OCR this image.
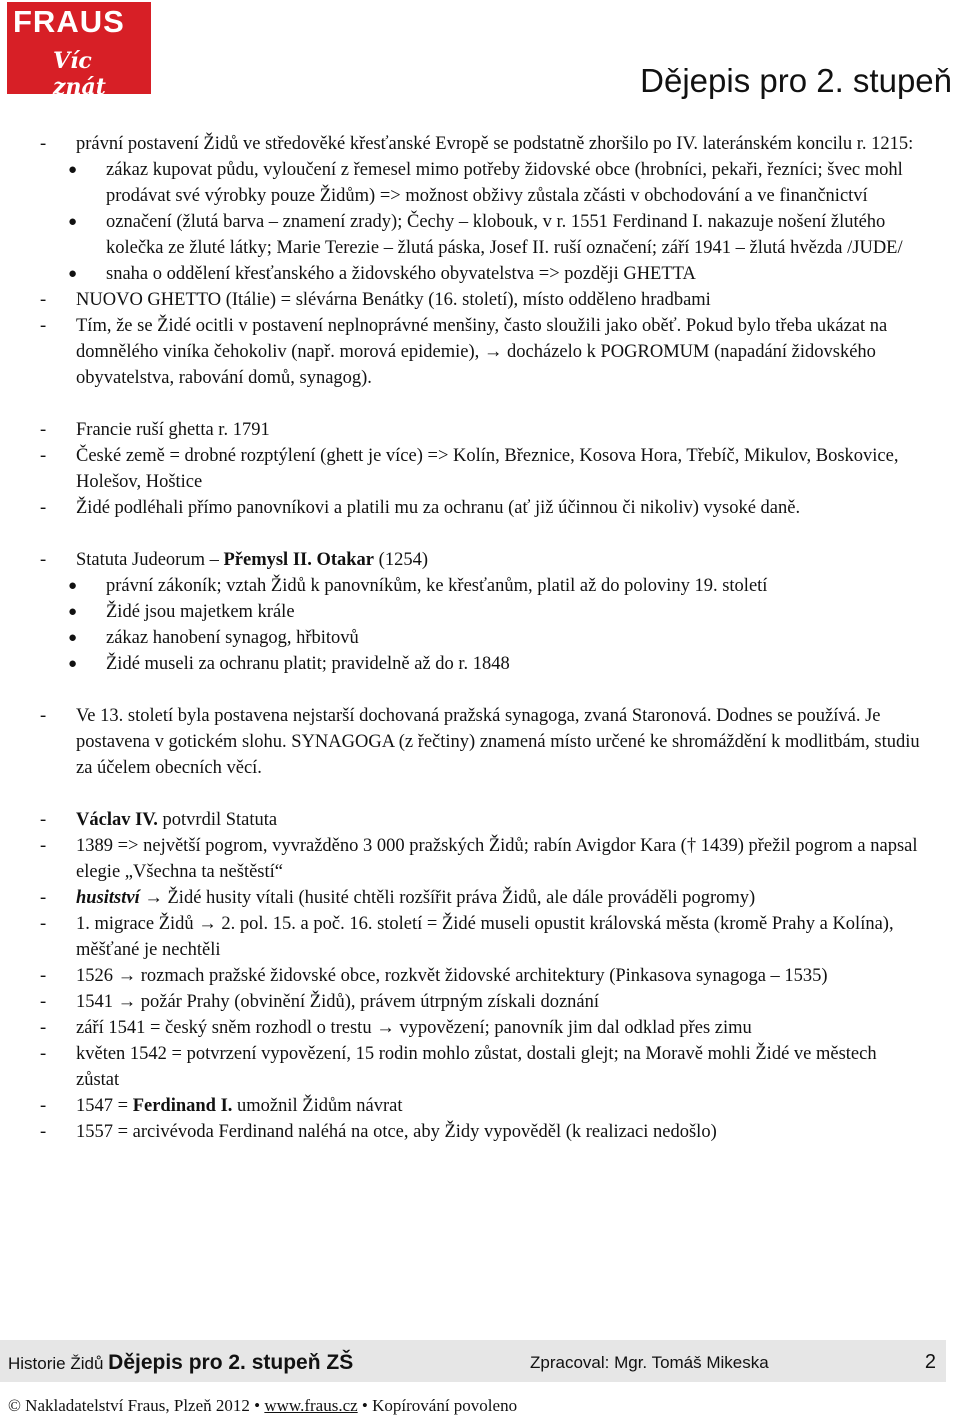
FRAUS
Víc znát	Dějepis pro 2. stupeň
-	právní postavení Židů ve středověké křesťanské Evropě se podstatně zhoršilo po IV. lateránském koncilu r. 1215:
●	zákaz kupovat půdu, vyloučení z řemesel mimo potřeby židovské obce (hrobníci, pekaři, řezníci; švec mohl prodávat své výrobky pouze Židům) => možnost obživy zůstala zčásti v obchodování a ve finančnictví
●	označení (žlutá barva – znamení zrady); Čechy – klobouk, v r. 1551 Ferdinand I. nakazuje nošení žlutého kolečka ze žluté látky; Marie Terezie – žlutá páska, Josef II. ruší označení; září 1941 – žlutá hvězda /JUDE/
●	snaha o oddělení křesťanského a židovského obyvatelstva => později GHETTA
-	NUOVO GHETTO (Itálie) = slévárna Benátky (16. století), místo odděleno hradbami
-	Tím, že se Židé ocitli v postavení neplnoprávné menšiny, často sloužili jako oběť. Pokud bylo třeba ukázat na domnělého viníka čehokoliv (např. morová epidemie), → docházelo k POGROMUM (napadání židovského obyvatelstva, rabování domů, synagog).
-	Francie ruší ghetta r. 1791
-	České země = drobné rozptýlení (ghett je více) => Kolín, Březnice, Kosova Hora, Třebíč, Mikulov, Boskovice, Holešov, Hoštice
-	Židé podléhali přímo panovníkovi a platili mu za ochranu (ať již účinnou či nikoliv) vysoké daně.
-	Statuta Judeorum – Přemysl II. Otakar (1254)
●	právní zákoník; vztah Židů k panovníkům, ke křesťanům, platil až do poloviny 19. století
●	Židé jsou majetkem krále
●	zákaz hanobení synagog, hřbitovů
●	Židé museli za ochranu platit; pravidelně až do r. 1848
-	Ve 13. století byla postavena nejstarší dochovaná pražská synagoga, zvaná Staronová. Dodnes se používá. Je postavena v gotickém slohu. SYNAGOGA (z řečtiny) znamená místo určené ke shromáždění k modlitbám, studiu za účelem obecních věcí.
-	Václav IV. potvrdil Statuta
-	1389 => největší pogrom, vyvražděno 3 000 pražských Židů; rabín Avigdor Kara († 1439) přežil pogrom a napsal elegie „Všechna ta neštěstí“
-	husitství → Židé husity vítali (husité chtěli rozšířit práva Židů, ale dále prováděli pogromy)
-	1. migrace Židů → 2. pol. 15. a poč. 16. století = Židé museli opustit královská města (kromě Prahy a Kolína), měšťané je nechtěli
-	1526 → rozmach pražské židovské obce, rozkvět židovské architektury (Pinkasova synagoga – 1535)
-	1541 → požár Prahy (obvinění Židů), právem útrpným získali doznání
-	září 1541 = český sněm rozhodl o trestu → vypovězení; panovník jim dal odklad přes zimu
-	květen 1542 = potvrzení vypovězení, 15 rodin mohlo zůstat, dostali glejt; na Moravě mohli Židé ve městech zůstat
-	1547 = Ferdinand I. umožnil Židům návrat
-	1557 = arcivévoda Ferdinand naléhá na otce, aby Židy vypověděl (k realizaci nedošlo)
Historie Židů Dějepis pro 2. stupeň ZŠ	Zpracoval: Mgr. Tomáš Mikeska	2
© Nakladatelství Fraus, Plzeň 2012 • www.fraus.cz • Kopírování povoleno
